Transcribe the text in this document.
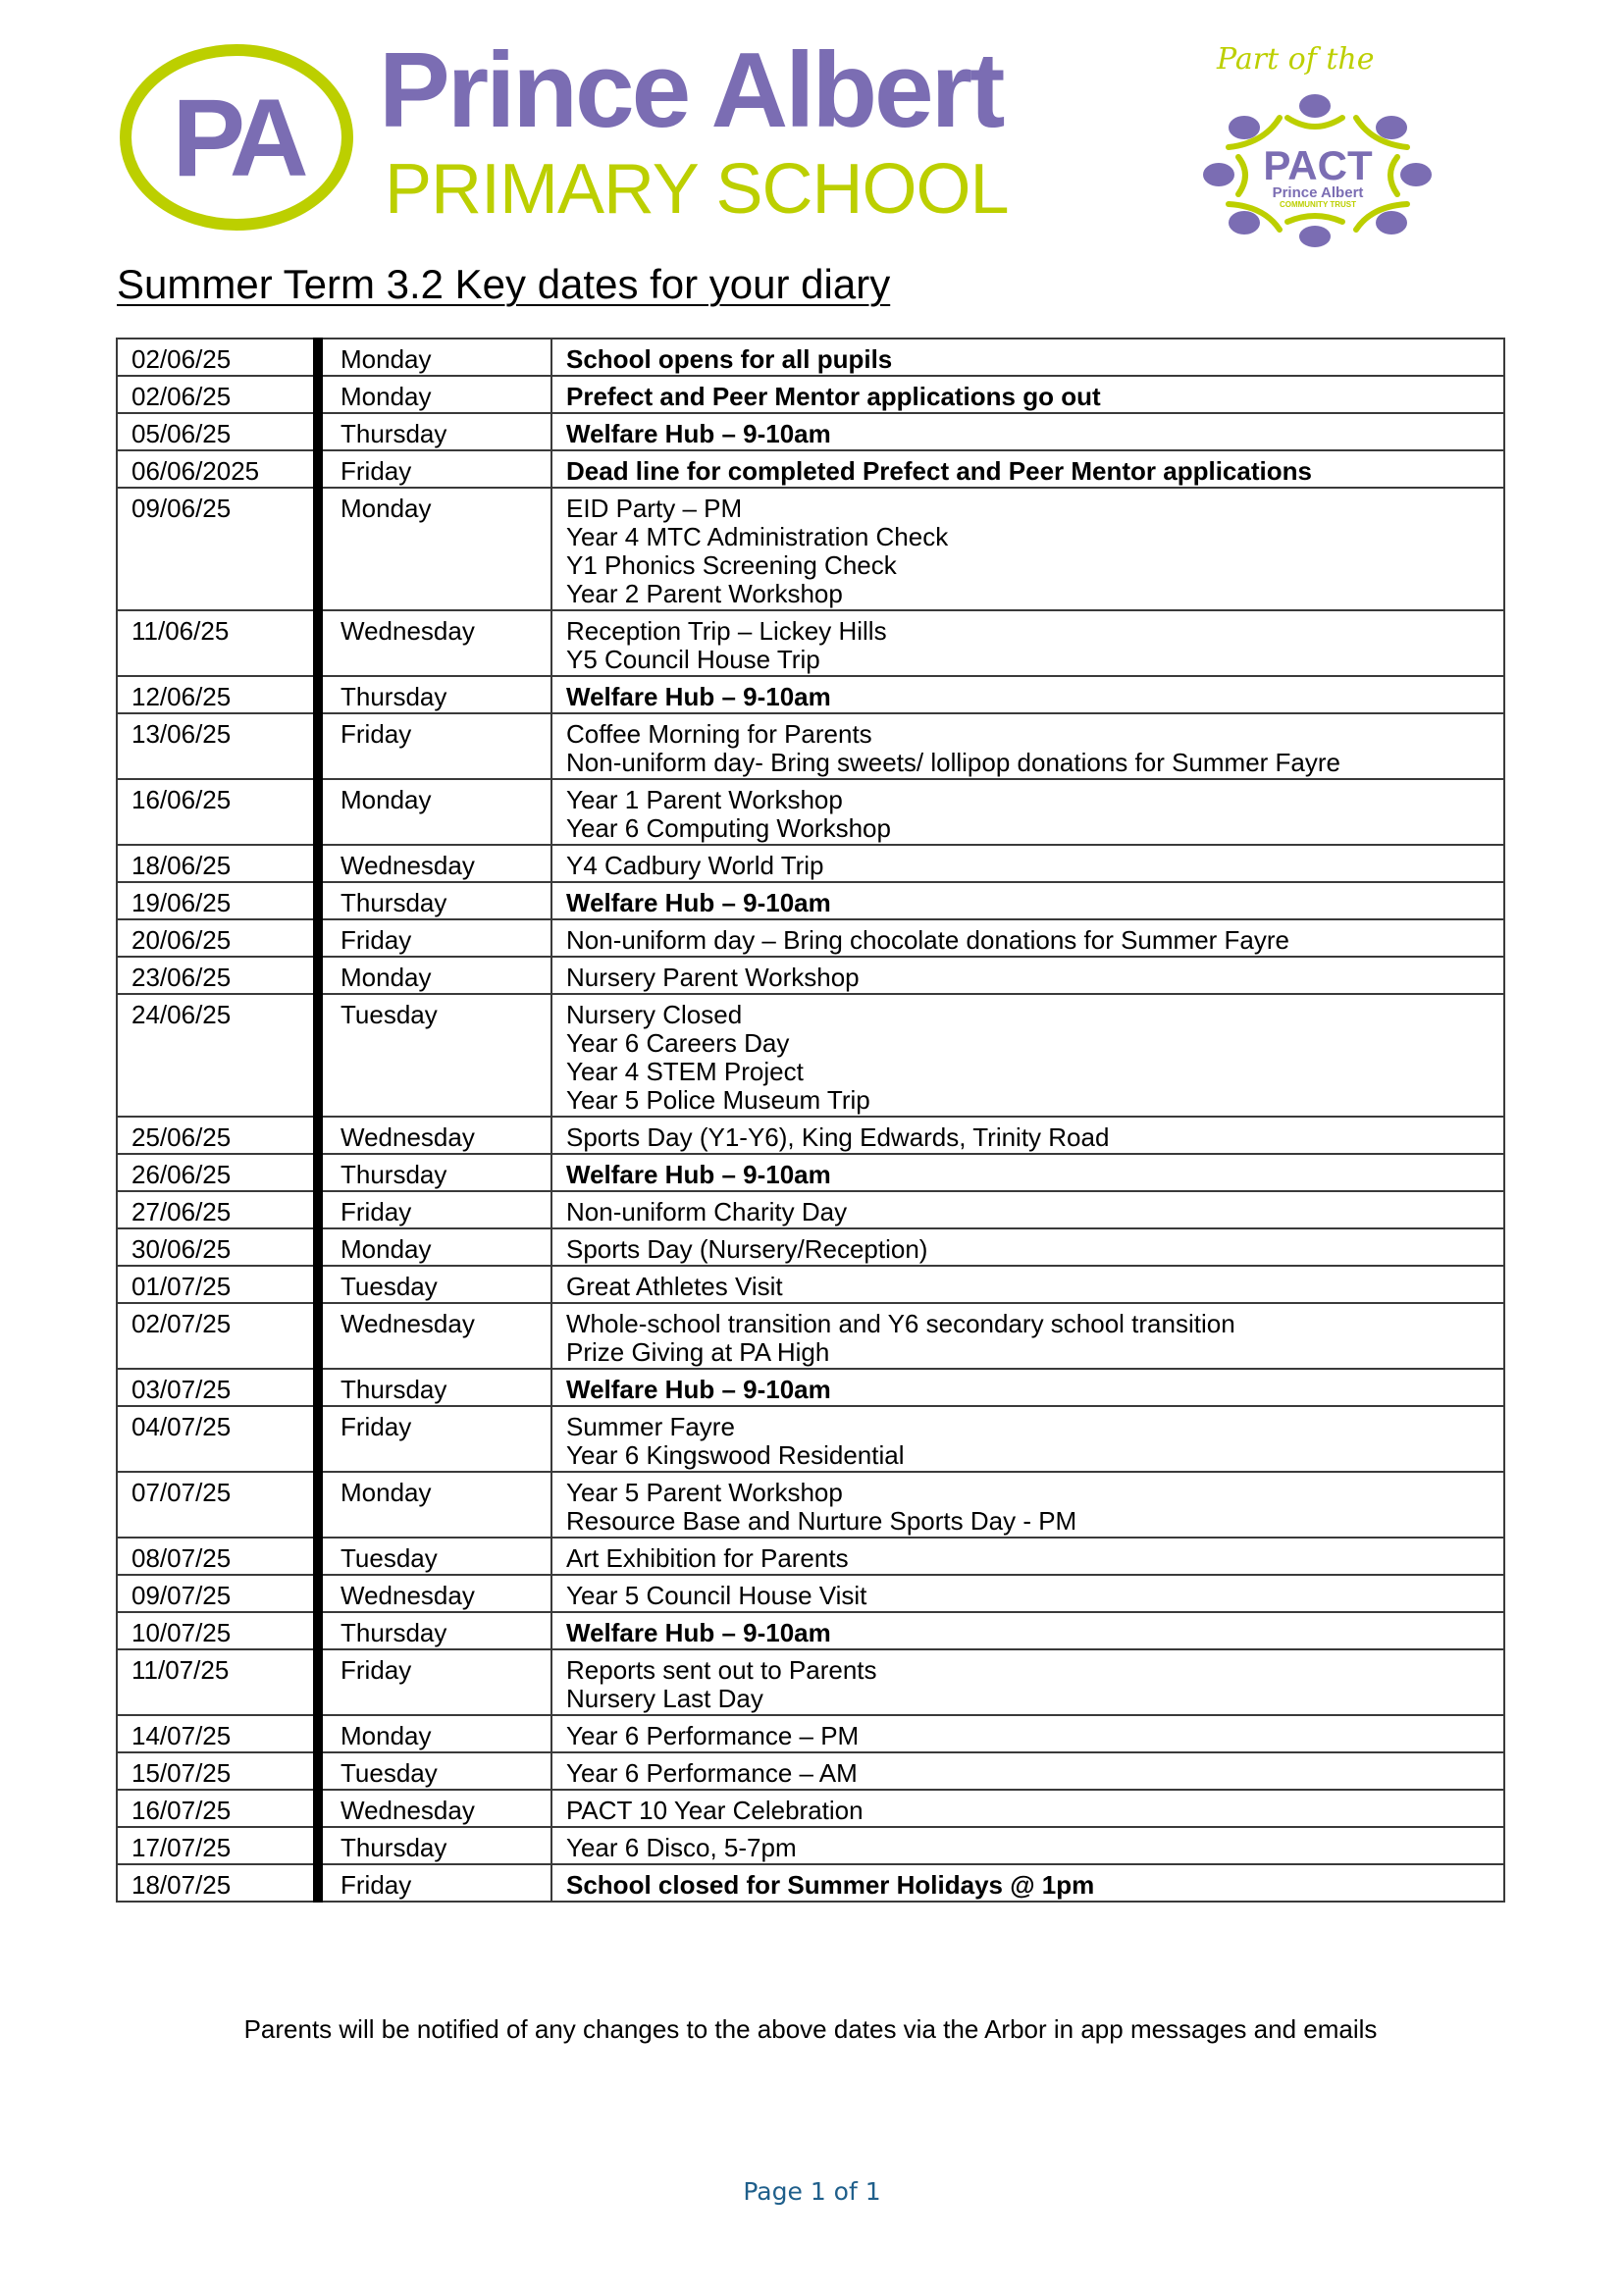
PA Prince Albert
PRIMARY SCHOOL
Part of the
PACT
Prince Albert
COMMUNITY TRUST
Summer Term 3.2 Key dates for your diary
02/06/25	Monday	School opens for all pupils

02/06/25	Monday	Prefect and Peer Mentor applications go out

05/06/25	Thursday	Welfare Hub – 9-10am

06/06/2025	Friday	Dead line for completed Prefect and Peer Mentor applications

09/06/25	Monday	EID Party – PM
Year 4 MTC Administration Check
Y1 Phonics Screening Check
Year 2 Parent Workshop

11/06/25	Wednesday	Reception Trip – Lickey Hills
Y5 Council House Trip

12/06/25	Thursday	Welfare Hub – 9-10am

13/06/25	Friday	Coffee Morning for Parents
Non-uniform day- Bring sweets/ lollipop donations for Summer Fayre

16/06/25	Monday	Year 1 Parent Workshop
Year 6 Computing Workshop

18/06/25	Wednesday	Y4 Cadbury World Trip

19/06/25	Thursday	Welfare Hub – 9-10am

20/06/25	Friday	Non-uniform day – Bring chocolate donations for Summer Fayre

23/06/25	Monday	Nursery Parent Workshop

24/06/25	Tuesday	Nursery Closed
Year 6 Careers Day
Year 4 STEM Project
Year 5 Police Museum Trip

25/06/25	Wednesday	Sports Day (Y1-Y6), King Edwards, Trinity Road

26/06/25	Thursday	Welfare Hub – 9-10am

27/06/25	Friday	Non-uniform Charity Day

30/06/25	Monday	Sports Day (Nursery/Reception)

01/07/25	Tuesday	Great Athletes Visit

02/07/25	Wednesday	Whole-school transition and Y6 secondary school transition
Prize Giving at PA High

03/07/25	Thursday	Welfare Hub – 9-10am

04/07/25	Friday	Summer Fayre
Year 6 Kingswood Residential

07/07/25	Monday	Year 5 Parent Workshop
Resource Base and Nurture Sports Day - PM

08/07/25	Tuesday	Art Exhibition for Parents

09/07/25	Wednesday	Year 5 Council House Visit

10/07/25	Thursday	Welfare Hub – 9-10am

11/07/25	Friday	Reports sent out to Parents
Nursery Last Day

14/07/25	Monday	Year 6 Performance – PM

15/07/25	Tuesday	Year 6 Performance – AM

16/07/25	Wednesday	PACT 10 Year Celebration

17/07/25	Thursday	Year 6 Disco, 5-7pm

18/07/25	Friday	School closed for Summer Holidays @ 1pm
Parents will be notified of any changes to the above dates via the Arbor in app messages and emails
Page 1 of 1
